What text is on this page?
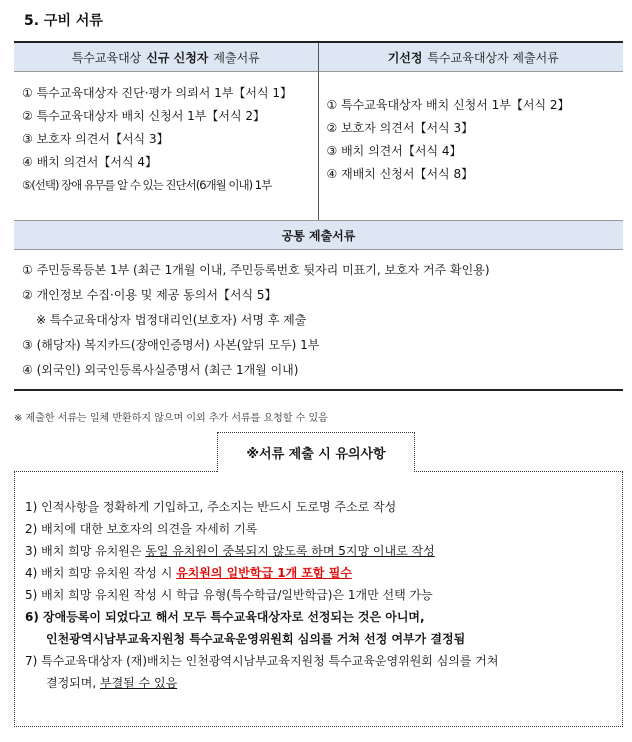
5. 구비 서류
특수교육대상 신규 신청자 제출서류	기선정 특수교육대상자 제출서류
① 특수교육대상자 진단·평가 의뢰서 1부【서식 1】
② 특수교육대상자 배치 신청서 1부【서식 2】
③ 보호자 의견서【서식 3】
④ 배치 의견서【서식 4】
⑤(선택) 장애 유무를 알 수 있는 진단서(6개월 이내) 1부
① 특수교육대상자 배치 신청서 1부【서식 2】
② 보호자 의견서【서식 3】
③ 배치 의견서【서식 4】
④ 재배치 신청서【서식 8】
공통 제출서류
① 주민등록등본 1부 (최근 1개월 이내, 주민등록번호 뒷자리 미표기, 보호자 거주 확인용)
② 개인정보 수집·이용 및 제공 동의서【서식 5】
※ 특수교육대상자 법정대리인(보호자) 서명 후 제출
③ (해당자) 복지카드(장애인증명서) 사본(앞뒤 모두) 1부
④ (외국인) 외국인등록사실증명서 (최근 1개월 이내)
※ 제출한 서류는 일체 반환하지 않으며 이외 추가 서류를 요청할 수 있음
※서류 제출 시 유의사항
1) 인적사항을 정확하게 기입하고, 주소지는 반드시 도로명 주소로 작성
2) 배치에 대한 보호자의 의견을 자세히 기록
3) 배치 희망 유치원은 동일 유치원이 중복되지 않도록 하며 5지망 이내로 작성
4) 배치 희망 유치원 작성 시 유치원의 일반학급 1개 포함 필수
5) 배치 희망 유치원 작성 시 학급 유형(특수학급/일반학급)은 1개만 선택 가능
6) 장애등록이 되었다고 해서 모두 특수교육대상자로 선정되는 것은 아니며,
인천광역시남부교육지원청 특수교육운영위원회 심의를 거쳐 선정 여부가 결정됨
7) 특수교육대상자 (재)배치는 인천광역시남부교육지원청 특수교육운영위원회 심의를 거쳐
결정되며, 부결될 수 있음
